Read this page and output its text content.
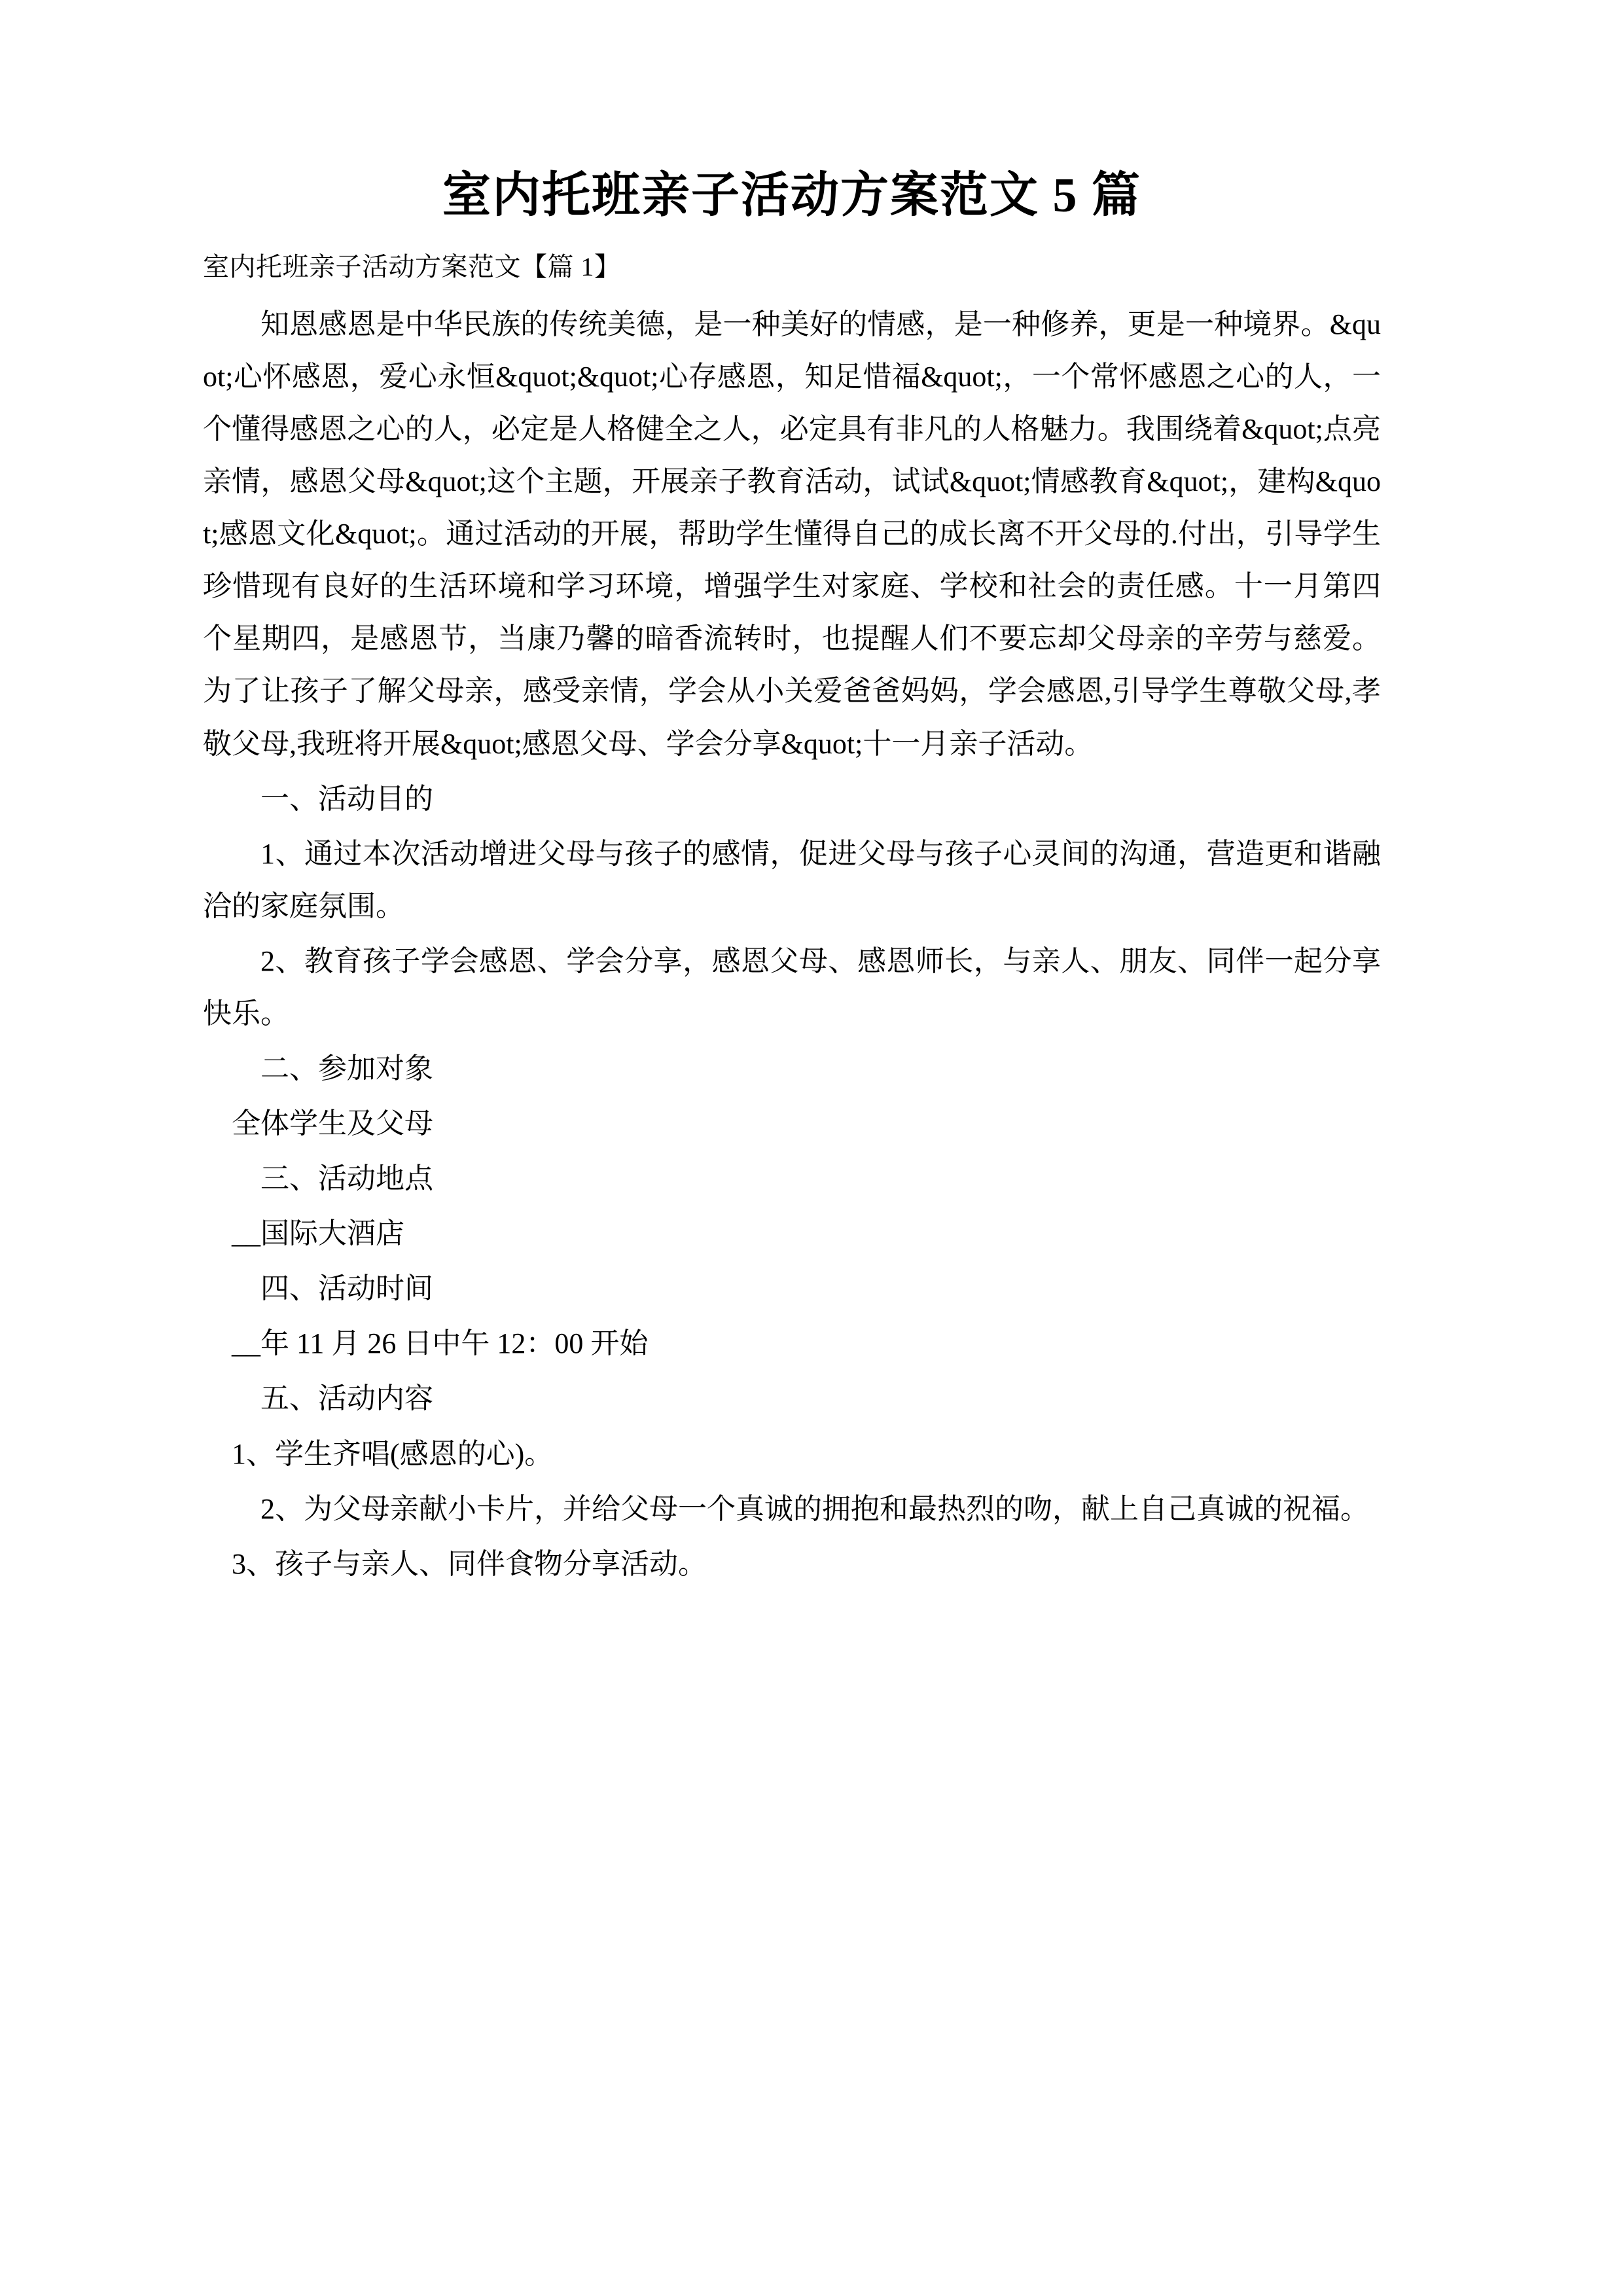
室内托班亲子活动方案范文 5 篇
室内托班亲子活动方案范文【篇 1】

知恩感恩是中华民族的传统美德，是一种美好的情感，是一种修养，更是一种境界。&quot;心怀感恩，爱心永恒&quot;&quot;心存感恩，知足惜福&quot;，一个常怀感恩之心的人，一个懂得感恩之心的人，必定是人格健全之人，必定具有非凡的人格魅力。我围绕着&quot;点亮亲情，感恩父母&quot;这个主题，开展亲子教育活动，试试&quot;情感教育&quot;，建构&quot;感恩文化&quot;。通过活动的开展，帮助学生懂得自己的成长离不开父母的.付出，引导学生珍惜现有良好的生活环境和学习环境，增强学生对家庭、学校和社会的责任感。十一月第四个星期四，是感恩节，当康乃馨的暗香流转时，也提醒人们不要忘却父母亲的辛劳与慈爱。为了让孩子了解父母亲，感受亲情，学会从小关爱爸爸妈妈，学会感恩,引导学生尊敬父母,孝敬父母,我班将开展&quot;感恩父母、学会分享&quot;十一月亲子活动。

一、活动目的

1、通过本次活动增进父母与孩子的感情，促进父母与孩子心灵间的沟通，营造更和谐融洽的家庭氛围。

2、教育孩子学会感恩、学会分享，感恩父母、感恩师长，与亲人、朋友、同伴一起分享快乐。

二、参加对象
全体学生及父母
三、活动地点
__国际大酒店
四、活动时间
__年 11 月 26 日中午 12：00 开始
五、活动内容
1、学生齐唱(感恩的心)。

2、为父母亲献小卡片，并给父母一个真诚的拥抱和最热烈的吻，献上自己真诚的祝福。

3、孩子与亲人、同伴食物分享活动。
